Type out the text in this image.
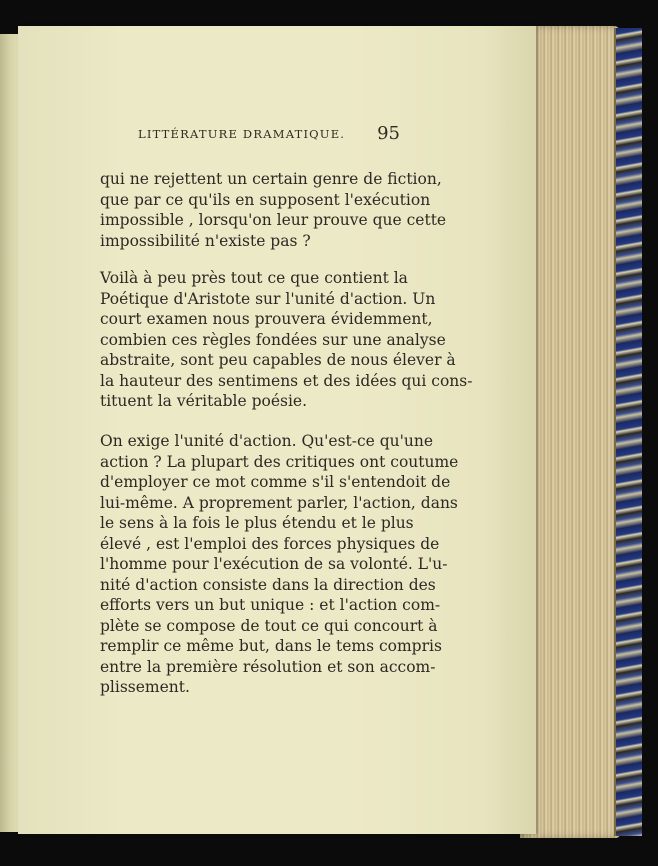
LITTÉRATURE DRAMATIQUE. 95
qui ne rejettent un certain genre de fiction,
que par ce qu'ils en supposent l'exécution
impossible , lorsqu'on leur prouve que cette
impossibilité n'existe pas ?
Voilà à peu près tout ce que contient la
Poétique d'Aristote sur l'unité d'action. Un
court examen nous prouvera évidemment,
combien ces règles fondées sur une analyse
abstraite, sont peu capables de nous élever à
la hauteur des sentimens et des idées qui cons-
tituent la véritable poésie.
On exige l'unité d'action. Qu'est-ce qu'une
action ? La plupart des critiques ont coutume
d'employer ce mot comme s'il s'entendoit de
lui-même. A proprement parler, l'action, dans
le sens à la fois le plus étendu et le plus
élevé , est l'emploi des forces physiques de
l'homme pour l'exécution de sa volonté. L'u-
nité d'action consiste dans la direction des
efforts vers un but unique : et l'action com-
plète se compose de tout ce qui concourt à
remplir ce même but, dans le tems compris
entre la première résolution et son accom-
plissement.
